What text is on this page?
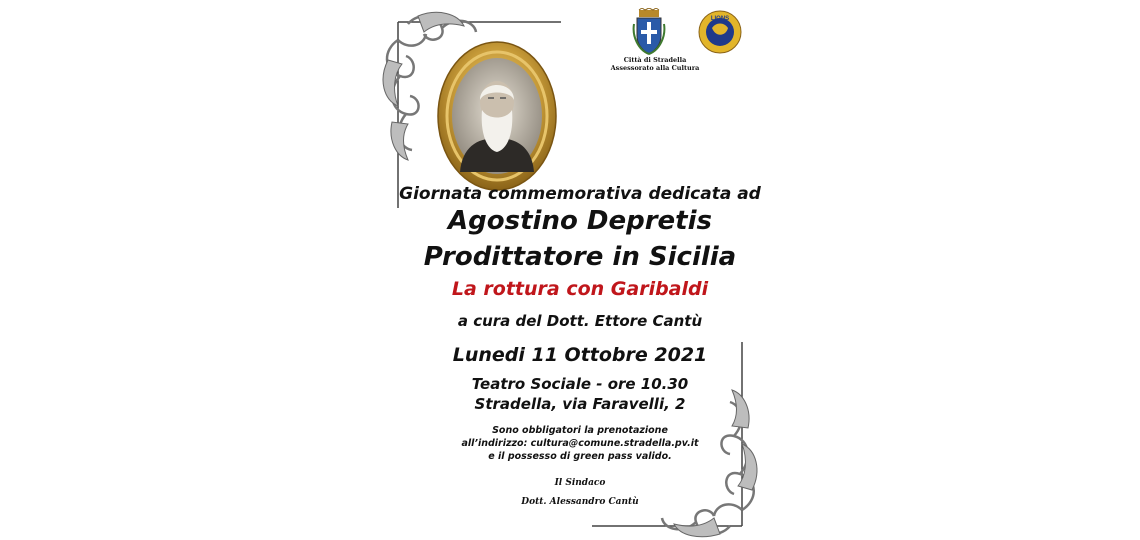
Città di Stradella
Assessorato alla Cultura
LIONS
Giornata commemorativa dedicata ad
Agostino Depretis
Prodittatore in Sicilia
La rottura con Garibaldi
a cura del Dott. Ettore Cantù
Lunedi 11 Ottobre 2021
Teatro Sociale - ore 10.30
Stradella, via Faravelli, 2
Sono obbligatori la prenotazione
all’indirizzo: cultura@comune.stradella.pv.it
e il possesso di green pass valido.
Il Sindaco
Dott. Alessandro Cantù
